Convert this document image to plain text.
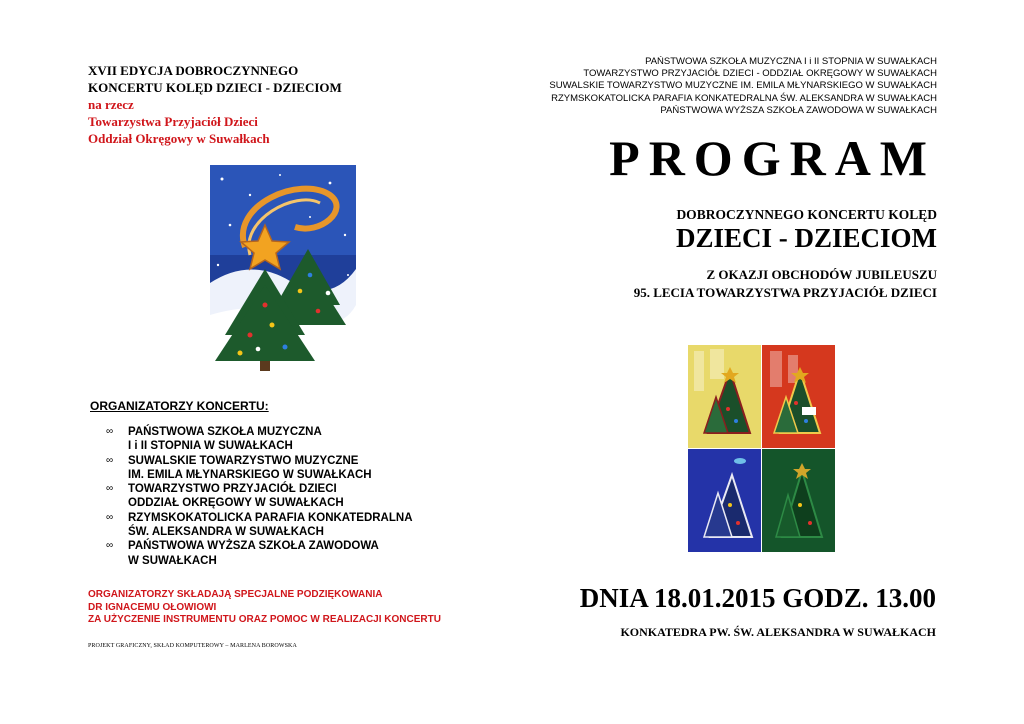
XVII EDYCJA DOBROCZYNNEGO
KONCERTU KOLĘD DZIECI - DZIECIOM
na rzecz
Towarzystwa Przyjaciół Dzieci
Oddział Okręgowy w Suwałkach
ORGANIZATORZY KONCERTU:
∞ PAŃSTWOWA SZKOŁA MUZYCZNA
I i II STOPNIA W SUWAŁKACH
∞ SUWALSKIE TOWARZYSTWO MUZYCZNE
IM. EMILA MŁYNARSKIEGO W SUWAŁKACH
∞ TOWARZYSTWO PRZYJACIÓŁ DZIECI
ODDZIAŁ OKRĘGOWY W SUWAŁKACH
∞ RZYMSKOKATOLICKA PARAFIA KONKATEDRALNA
ŚW. ALEKSANDRA W SUWAŁKACH
∞ PAŃSTWOWA WYŻSZA SZKOŁA ZAWODOWA
W SUWAŁKACH
ORGANIZATORZY SKŁADAJĄ SPECJALNE PODZIĘKOWANIA
DR IGNACEMU OŁOWIOWI
ZA UŻYCZENIE INSTRUMENTU ORAZ POMOC W REALIZACJI KONCERTU
PROJEKT GRAFICZNY, SKŁAD KOMPUTEROWY – MARLENA BOROWSKA
PAŃSTWOWA SZKOŁA MUZYCZNA I i II STOPNIA W SUWAŁKACH
TOWARZYSTWO PRZYJACIÓŁ DZIECI - ODDZIAŁ OKRĘGOWY W SUWAŁKACH
SUWALSKIE TOWARZYSTWO MUZYCZNE IM. EMILA MŁYNARSKIEGO W SUWAŁKACH
RZYMSKOKATOLICKA PARAFIA KONKATEDRALNA ŚW. ALEKSANDRA W SUWAŁKACH
PAŃSTWOWA WYŻSZA SZKOŁA ZAWODOWA W SUWAŁKACH
PROGRAM
DOBROCZYNNEGO KONCERTU KOLĘD
DZIECI - DZIECIOM
Z OKAZJI OBCHODÓW JUBILEUSZU
95. LECIA TOWARZYSTWA PRZYJACIÓŁ DZIECI
DNIA 18.01.2015 GODZ. 13.00
KONKATEDRA PW. ŚW. ALEKSANDRA W SUWAŁKACH
